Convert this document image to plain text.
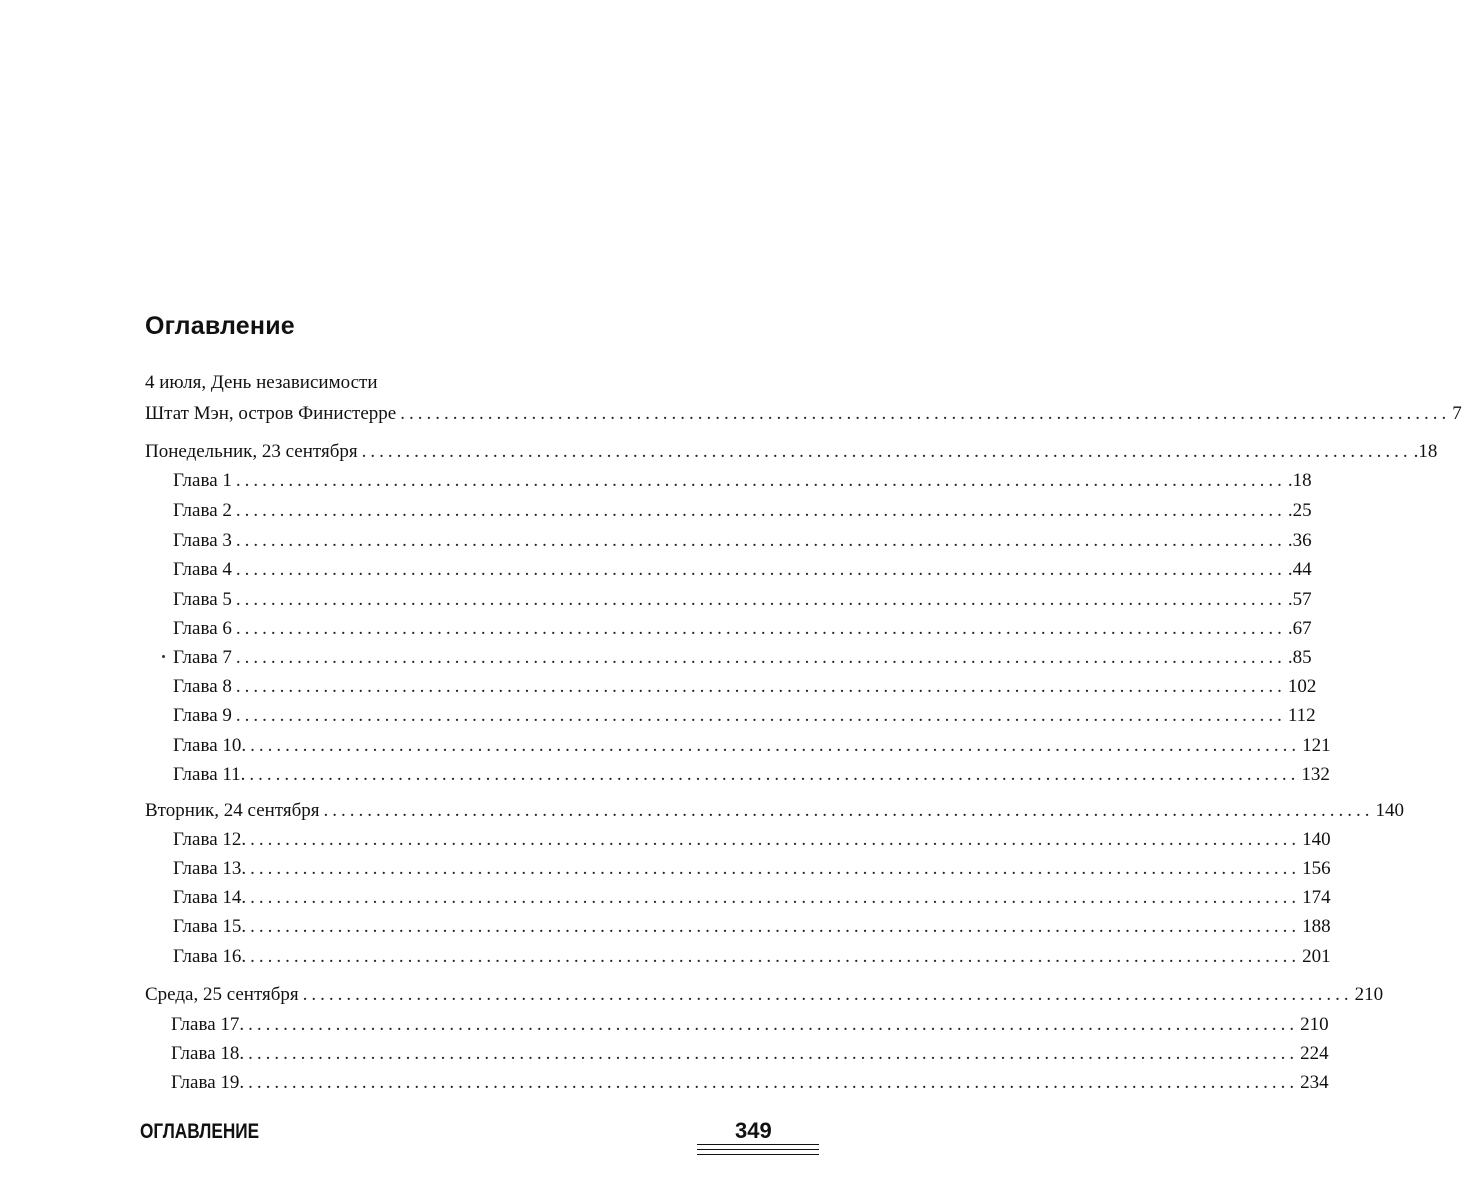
Оглавление
4 июля, День независимости
Штат Мэн, остров Финистерре ........................................................................................................................ 7
Понедельник, 23 сентября ........................................................................................................................ .18
Глава 1 ........................................................................................................................ .18
Глава 2 ........................................................................................................................ .25
Глава 3 ........................................................................................................................ .36
Глава 4 ........................................................................................................................ .44
Глава 5 ........................................................................................................................ .57
Глава 6 ........................................................................................................................ .67
Глава 7 ........................................................................................................................ .85
Глава 8 ........................................................................................................................ 102
Глава 9 ........................................................................................................................ 112
Глава 10. ........................................................................................................................ 121
Глава 11. ........................................................................................................................ 132
Вторник, 24 сентября ........................................................................................................................ 140
Глава 12. ........................................................................................................................ 140
Глава 13. ........................................................................................................................ 156
Глава 14. ........................................................................................................................ 174
Глава 15. ........................................................................................................................ 188
Глава 16. ........................................................................................................................ 201
Среда, 25 сентября ........................................................................................................................ 210
Глава 17. ........................................................................................................................ 210
Глава 18. ........................................................................................................................ 224
Глава 19. ........................................................................................................................ 234
ОГЛАВЛЕНИЕ	349
